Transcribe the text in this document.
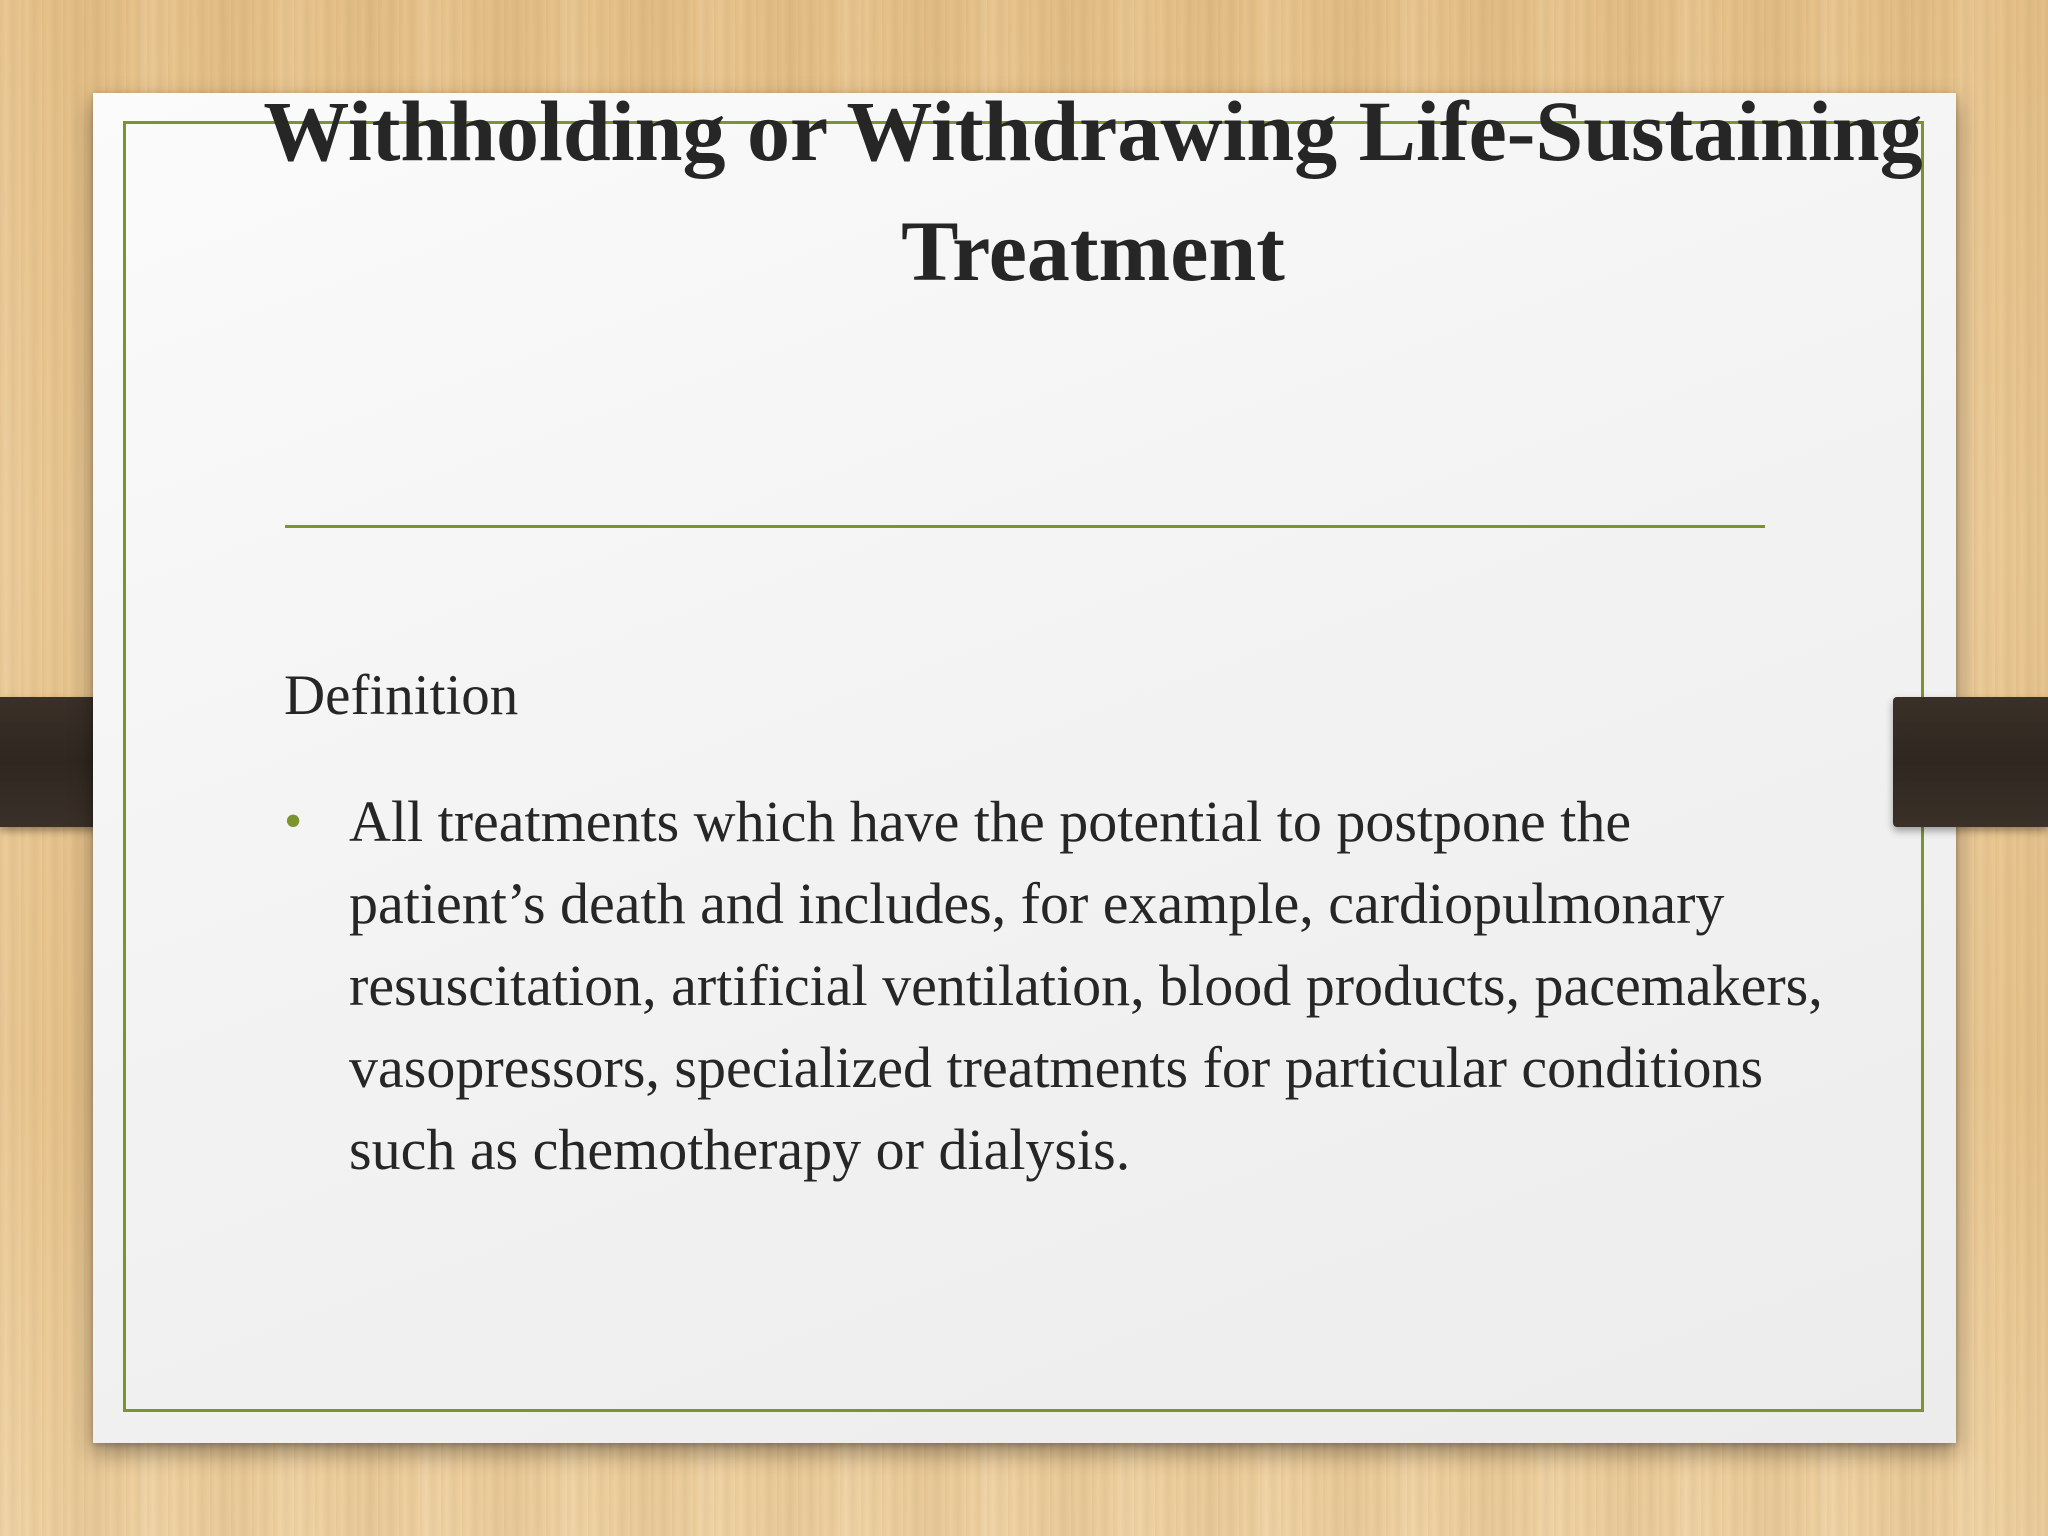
Withholding or Withdrawing Life-Sustaining Treatment
Definition
• All treatments which have the potential to postpone the patient’s death and includes, for example, cardiopulmonary resuscitation, artificial ventilation, blood products, pacemakers, vasopressors, specialized treatments for particular conditions such as chemotherapy or dialysis.
